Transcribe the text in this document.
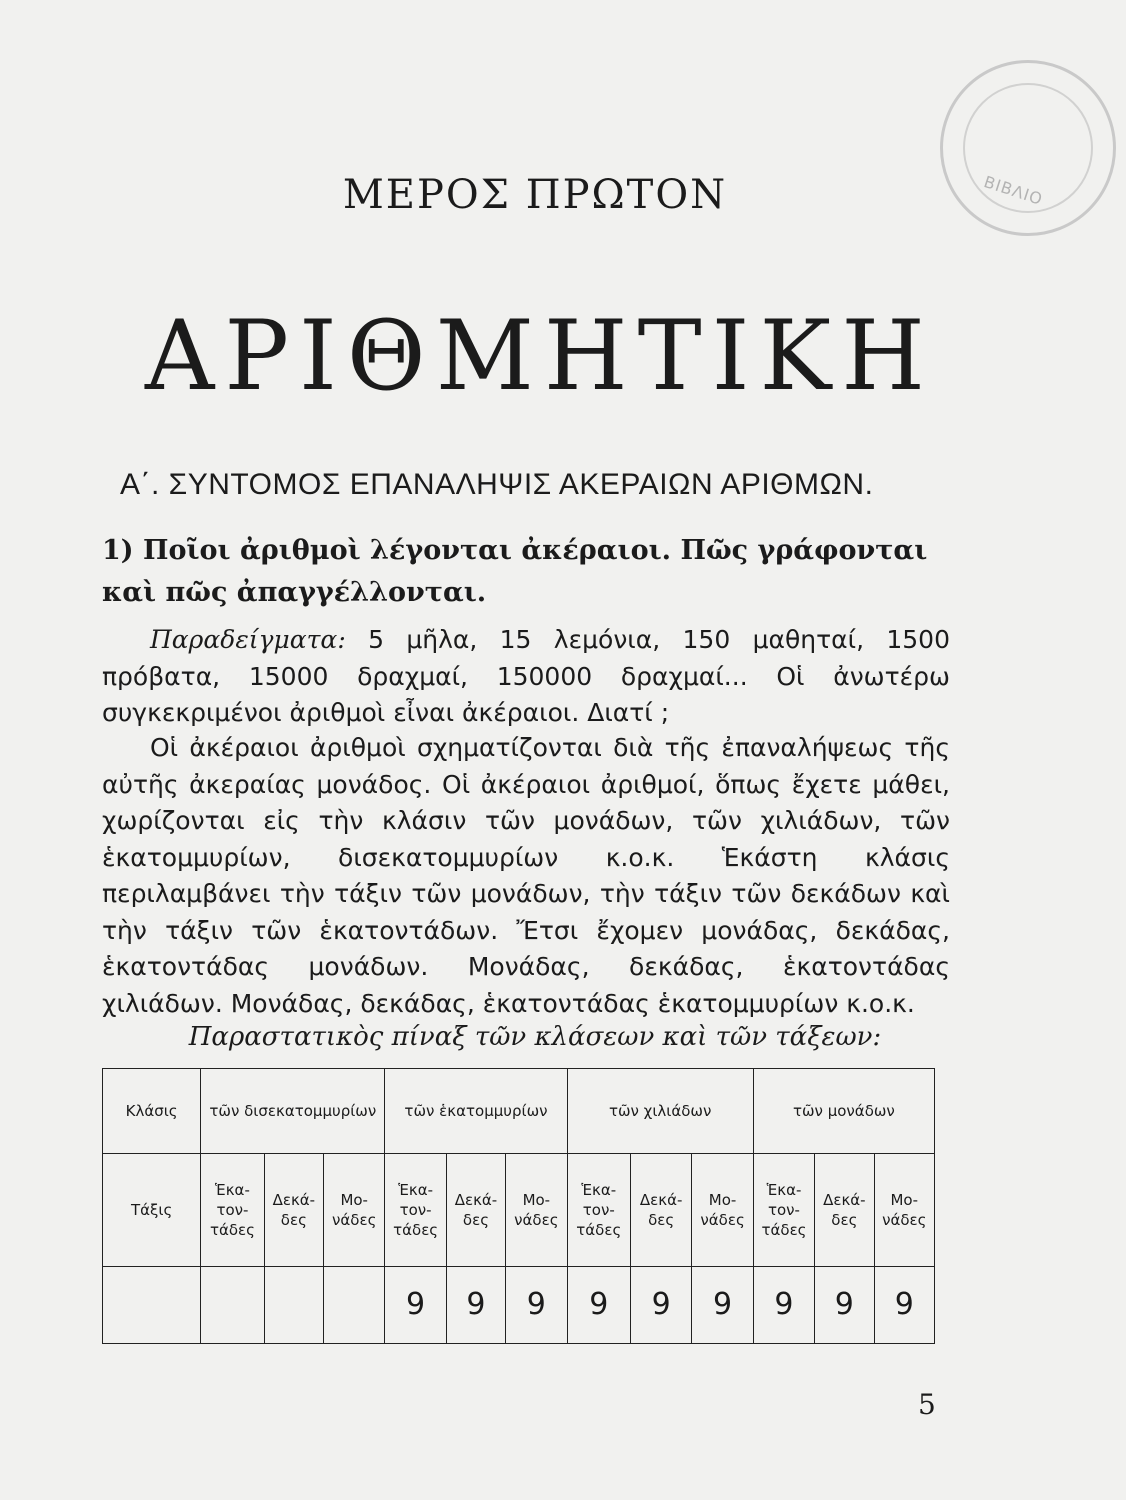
ΒΙΒΛΙΟ
ΜΕΡΟΣ ΠΡΩΤΟΝ
ΑΡΙΘΜΗΤΙΚΗ
Α΄. ΣΥΝΤΟΜΟΣ ΕΠΑΝΑΛΗΨΙΣ ΑΚΕΡΑΙΩΝ ΑΡΙΘΜΩΝ.
1) Ποῖοι ἀριθμοὶ λέγονται ἀκέραιοι. Πῶς γράφονται καὶ πῶς ἀπαγγέλλονται.
Παραδείγματα: 5 μῆλα, 15 λεμόνια, 150 μαθηταί, 1500 πρόβατα, 15000 δραχμαί, 150000 δραχμαί... Οἱ ἀνωτέρω συγκεκριμένοι ἀριθμοὶ εἶναι ἀκέραιοι. Διατί ;
Οἱ ἀκέραιοι ἀριθμοὶ σχηματίζονται διὰ τῆς ἐπαναλήψεως τῆς αὐτῆς ἀκεραίας μονάδος. Οἱ ἀκέραιοι ἀριθμοί, ὅπως ἔχετε μάθει, χωρίζονται εἰς τὴν κλάσιν τῶν μονάδων, τῶν χιλιάδων, τῶν ἑκατομμυρίων, δισεκατομμυρίων κ.ο.κ. Ἑκάστη κλάσις περιλαμβάνει τὴν τάξιν τῶν μονάδων, τὴν τάξιν τῶν δεκάδων καὶ τὴν τάξιν τῶν ἑκατοντάδων. Ἔτσι ἔχομεν μονάδας, δεκάδας, ἑκατοντάδας μονάδων. Μονάδας, δεκάδας, ἑκατοντάδας χιλιάδων. Μονάδας, δεκάδας, ἑκατοντάδας ἑκατομμυρίων κ.ο.κ.
Παραστατικὸς πίναξ τῶν κλάσεων καὶ τῶν τάξεων:
Κλάσις	τῶν δισεκατομμυρίων			τῶν ἑκατομμυρίων			τῶν χιλιάδων			τῶν μονάδων		
Τάξις	Ἑκα-τον-τάδες	Δεκά-δες	Μο-νάδες	Ἑκα-τον-τάδες	Δεκά-δες	Μο-νάδες	Ἑκα-τον-τάδες	Δεκά-δες	Μο-νάδες	Ἑκα-τον-τάδες	Δεκά-δες	Μο-νάδες
				9	9	9	9	9	9	9	9	9
5
